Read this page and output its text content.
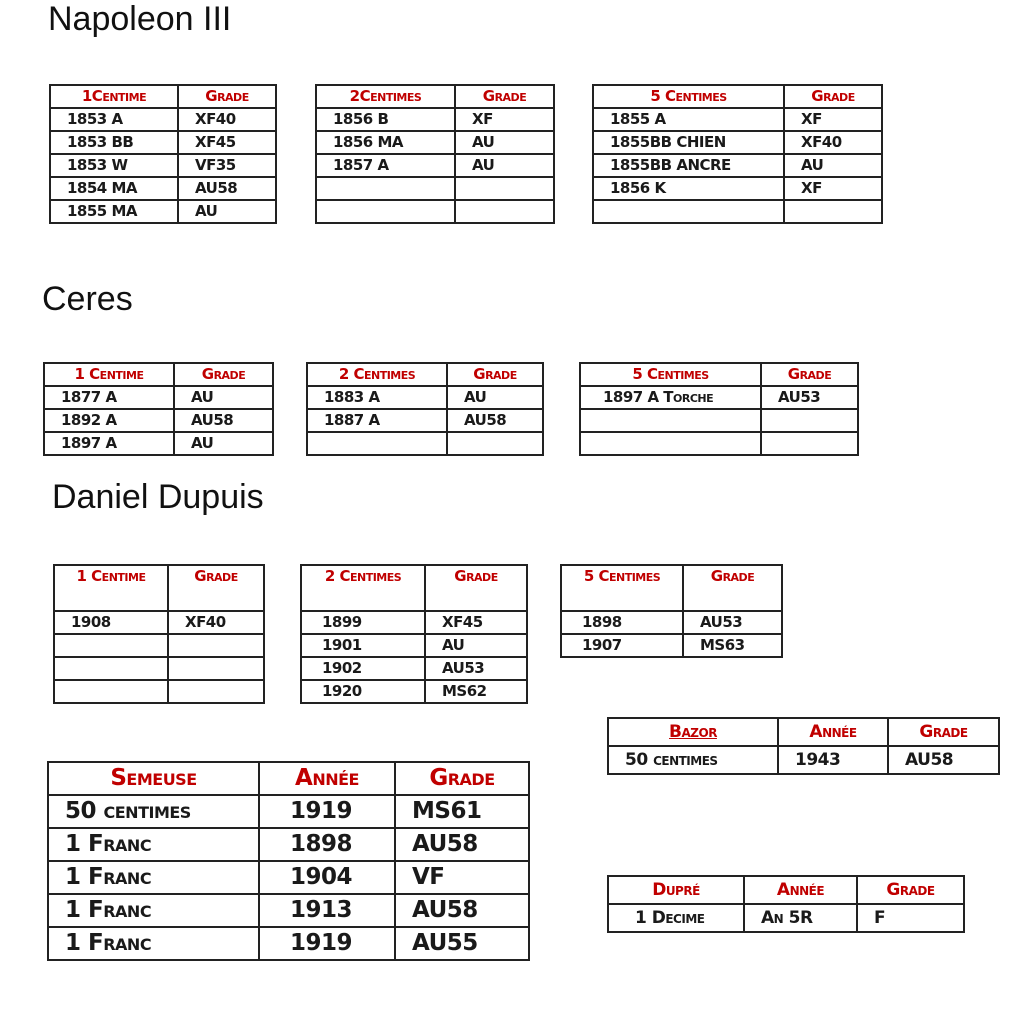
Napoleon III
Ceres
Daniel Dupuis
1Centime	Grade
1853 A	XF40
1853 BB	XF45
1853 W	VF35
1854 MA	AU58
1855 MA	AU
2Centimes	Grade
1856 B	XF
1856 MA	AU
1857 A	AU

5 Centimes	Grade
1855 A	XF
1855BB CHIEN	XF40
1855BB ANCRE	AU
1856 K	XF

1 Centime	Grade
1877 A	AU
1892 A	AU58
1897 A	AU
2 Centimes	Grade
1883 A	AU
1887 A	AU58

5 Centimes	Grade
1897 A Torche	AU53

1 Centime	Grade
1908	XF40

2 Centimes	Grade
1899	XF45
1901	AU
1902	AU53
1920	MS62
5 Centimes	Grade
1898	AU53
1907	MS63
Bazor	Année	Grade
50 centimes	1943	AU58
Semeuse	Année	Grade
50 centimes	1919	MS61
1 Franc	1898	AU58
1 Franc	1904	VF
1 Franc	1913	AU58
1 Franc	1919	AU55
Dupré	Année	Grade
1 Decime	An 5R	F
